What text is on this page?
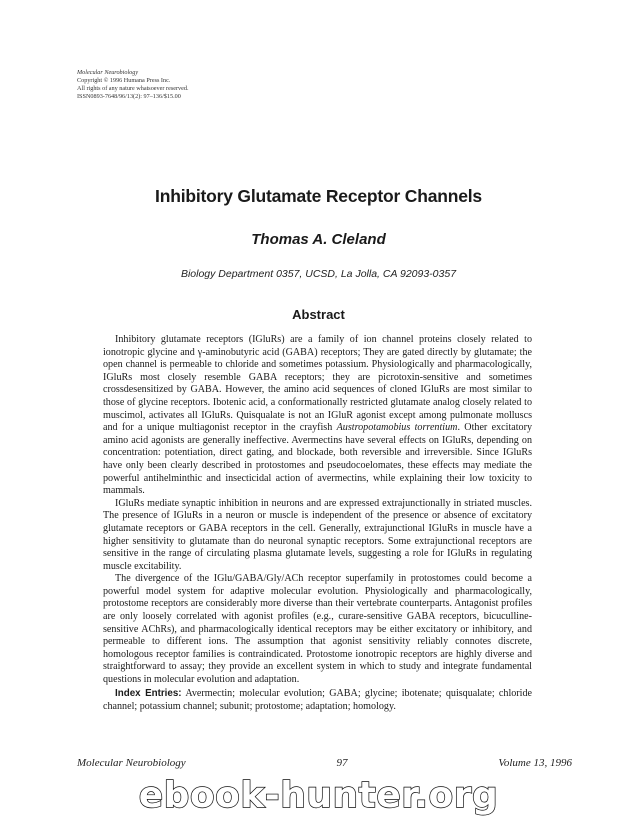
Molecular Neurobiology
Copyright © 1996 Humana Press Inc.
All rights of any nature whatsoever reserved.
ISSN0893-7648/96/13(2): 97–136/$15.00
Inhibitory Glutamate Receptor Channels
Thomas A. Cleland
Biology Department 0357, UCSD, La Jolla, CA 92093-0357
Abstract

Inhibitory glutamate receptors (IGluRs) are a family of ion channel proteins closely related to ionotropic glycine and γ-aminobutyric acid (GABA) receptors; They are gated directly by glutamate; the open channel is permeable to chloride and sometimes potassium. Physiologically and pharmacologically, IGluRs most closely resemble GABA receptors; they are picrotoxin-sensitive and sometimes crossdesensitized by GABA. However, the amino acid sequences of cloned IGluRs are most similar to those of glycine receptors. Ibotenic acid, a conformationally restricted glutamate analog closely related to muscimol, activates all IGluRs. Quisqualate is not an IGluR agonist except among pulmonate molluscs and for a unique multiagonist receptor in the crayfish Austropotamobius torrentium. Other excitatory amino acid agonists are generally ineffective. Avermectins have several effects on IGluRs, depending on concentration: potentiation, direct gating, and blockade, both reversible and irreversible. Since IGluRs have only been clearly described in protostomes and pseudocoelomates, these effects may mediate the powerful antihelminthic and insecticidal action of avermectins, while explaining their low toxicity to mammals.

IGluRs mediate synaptic inhibition in neurons and are expressed extrajunctionally in striated muscles. The presence of IGluRs in a neuron or muscle is independent of the presence or absence of excitatory glutamate receptors or GABA receptors in the cell. Generally, extrajunctional IGluRs in muscle have a higher sensitivity to glutamate than do neuronal synaptic receptors. Some extrajunctional receptors are sensitive in the range of circulating plasma glutamate levels, suggesting a role for IGluRs in regulating muscle excitability.

The divergence of the IGlu/GABA/Gly/ACh receptor superfamily in protostomes could become a powerful model system for adaptive molecular evolution. Physiologically and pharmacologically, protostome receptors are considerably more diverse than their vertebrate counterparts. Antagonist profiles are only loosely correlated with agonist profiles (e.g., curare-sensitive GABA receptors, bicuculline-sensitive AChRs), and pharmacologically identical receptors may be either excitatory or inhibitory, and permeable to different ions. The assumption that agonist sensitivity reliably connotes discrete, homologous receptor families is contraindicated. Protostome ionotropic receptors are highly diverse and straightforward to assay; they provide an excellent system in which to study and integrate fundamental questions in molecular evolution and adaptation.

Index Entries: Avermectin; molecular evolution; GABA; glycine; ibotenate; quisqualate; chloride channel; potassium channel; subunit; protostome; adaptation; homology.
Molecular Neurobiology	97	Volume 13, 1996
ebook-hunter.org
